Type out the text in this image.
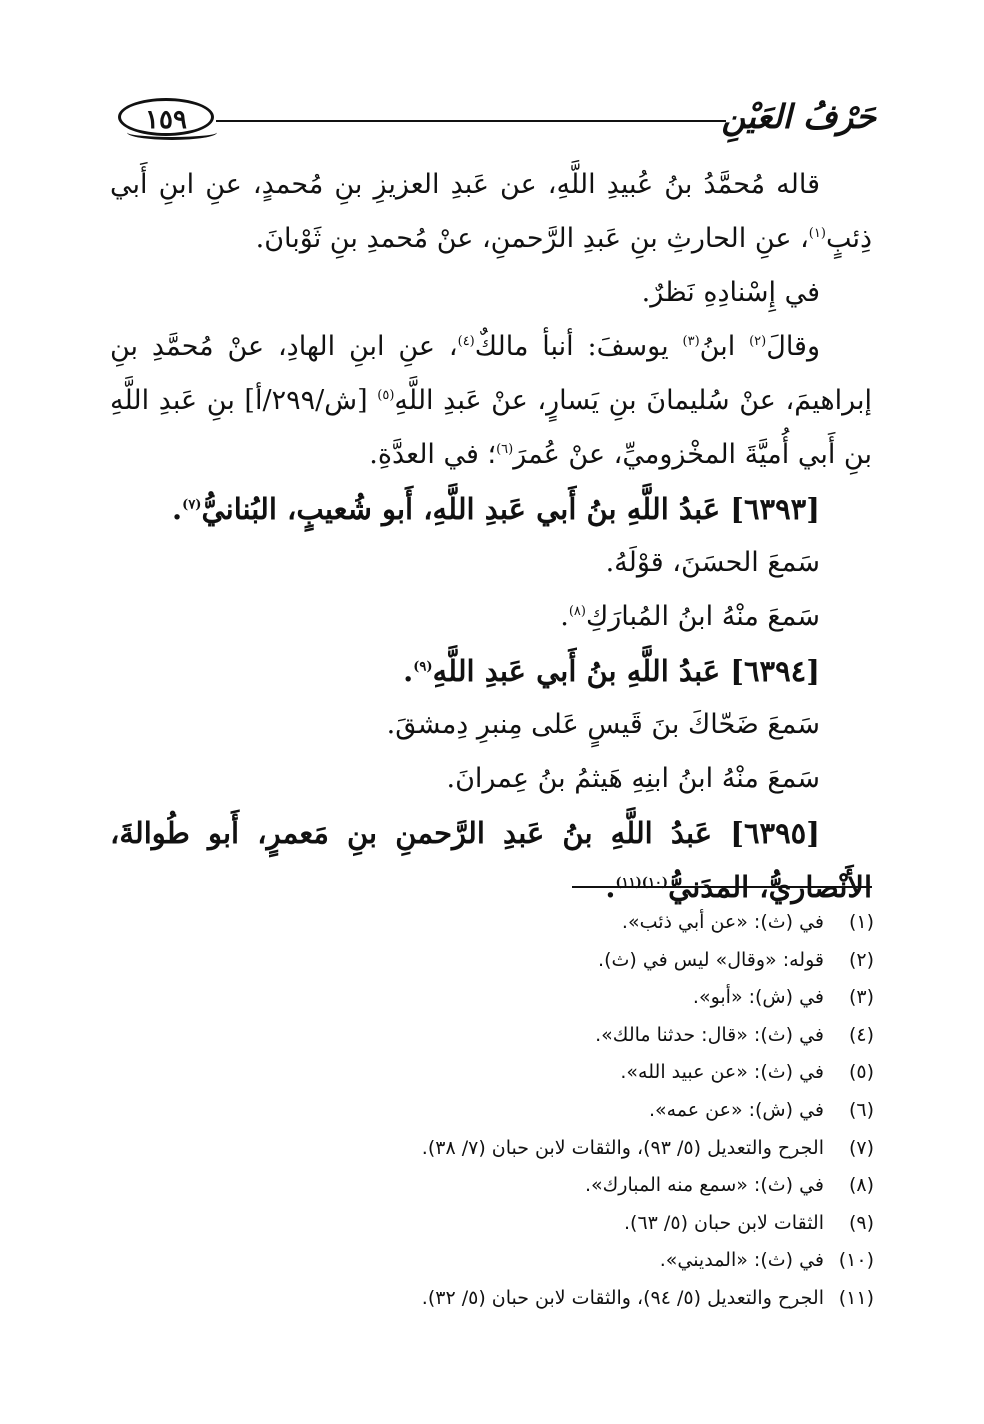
حَرْفُ العَيْنِ
١٥٩

قاله مُحمَّدُ بنُ عُبيدِ اللَّهِ، عن عَبدِ العزيزِ بنِ مُحمدٍ، عنِ ابنِ أَبي ذِئبٍ$^{(١)}$، عنِ الحارثِ بنِ عَبدِ الرَّحمنِ، عنْ مُحمدِ بنِ ثَوْبانَ.

في إِسْنادِهِ نَظرٌ.

وقالَ$^{(٢)}$ ابنُ$^{(٣)}$ يوسفَ: أنبأ مالكٌ$^{(٤)}$، عنِ ابنِ الهادِ، عنْ مُحمَّدِ بنِ إبراهيمَ، عنْ سُليمانَ بنِ يَسارٍ، عنْ عَبدِ اللَّهِ$^{(٥)}$ [ش/٢٩٩/أ] بنِ عَبدِ اللَّهِ بنِ أَبي أُميَّةَ المخْزوميِّ، عنْ عُمرَ$^{(٦)}$؛ في العدَّةِ.

[٦٣٩٣] عَبدُ اللَّهِ بنُ أَبي عَبدِ اللَّهِ، أَبو شُعيبٍ، البُنانيُّ$^{(٧)}$.

سَمعَ الحسَنَ، قوْلَهُ.

سَمعَ منْهُ ابنُ المُبارَكِ$^{(٨)}$.

[٦٣٩٤] عَبدُ اللَّهِ بنُ أَبي عَبدِ اللَّهِ$^{(٩)}$.

سَمعَ ضَحّاكَ بنَ قَيسٍ عَلى مِنبرِ دِمشقَ.

سَمعَ منْهُ ابنُ ابنِهِ هَيثمُ بنُ عِمرانَ.

[٦٣٩٥] عَبدُ اللَّهِ بنُ عَبدِ الرَّحمنِ بنِ مَعمرٍ، أَبو طُوالةَ، الأَنْصاريُّ، المدَنيُّ$^{(١٠)(١١)}$.

(١)
في (ث): «عن أبي ذئب».
(٢)
قوله: «وقال» ليس في (ث).
(٣)
في (ش): «أبو».
(٤)
في (ث): «قال: حدثنا مالك».
(٥)
في (ث): «عن عبيد الله».
(٦)
في (ش): «عن عمه».
(٧)
الجرح والتعديل (٥/ ٩٣)، والثقات لابن حبان (٧/ ٣٨).
(٨)
في (ث): «سمع منه المبارك».
(٩)
الثقات لابن حبان (٥/ ٦٣).
(١٠)
في (ث): «المديني».
(١١)
الجرح والتعديل (٥/ ٩٤)، والثقات لابن حبان (٥/ ٣٢).
